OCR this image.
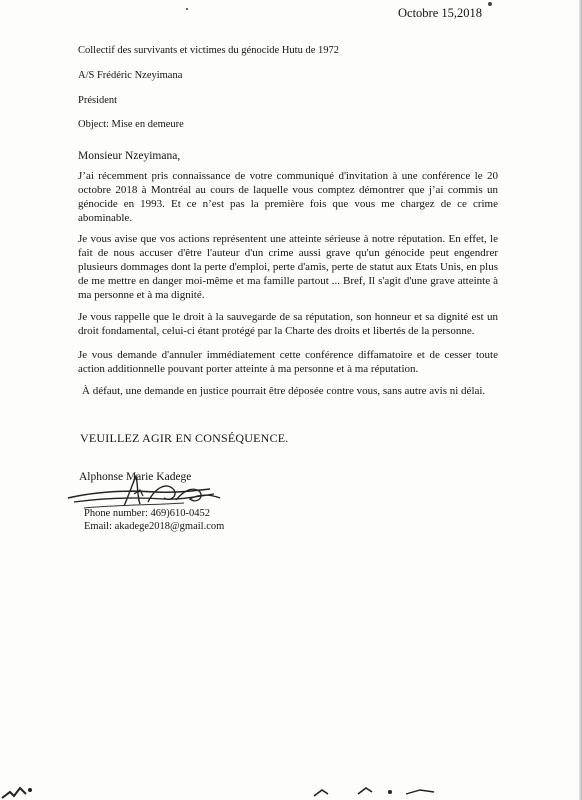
Octobre 15,2018
Collectif des survivants et victimes du génocide Hutu de 1972
A/S Frédéric Nzeyimana
Président
Object: Mise en demeure
Monsieur Nzeyimana,

J’ai récemment pris connaissance de votre communiqué d'invitation à une conférence le 20 octobre 2018 à Montréal au cours de laquelle vous comptez démontrer que j’ai commis un génocide en 1993. Et ce n’est pas la première fois que vous me chargez de ce crime abominable.

Je vous avise que vos actions représentent une atteinte sérieuse à notre réputation. En effet, le fait de nous accuser d'être l'auteur d'un crime aussi grave qu'un génocide peut engendrer plusieurs dommages dont la perte d'emploi, perte d'amis, perte de statut aux Etats Unis, en plus de me mettre en danger moi-même et ma famille partout ... Bref, Il s'agit d'une grave atteinte à ma personne et à ma dignité.

Je vous rappelle que le droit à la sauvegarde de sa réputation, son honneur et sa dignité est un droit fondamental, celui-ci étant protégé par la Charte des droits et libertés de la personne.

Je vous demande d'annuler immédiatement cette conférence diffamatoire et de cesser toute action additionnelle pouvant porter atteinte à ma personne et à ma réputation.

À défaut, une demande en justice pourrait être déposée contre vous, sans autre avis ni délai.

VEUILLEZ AGIR EN CONSÉQUENCE.
Alphonse Marie Kadege
Phone number: 469)610-0452
Email: akadege2018@gmail.com
